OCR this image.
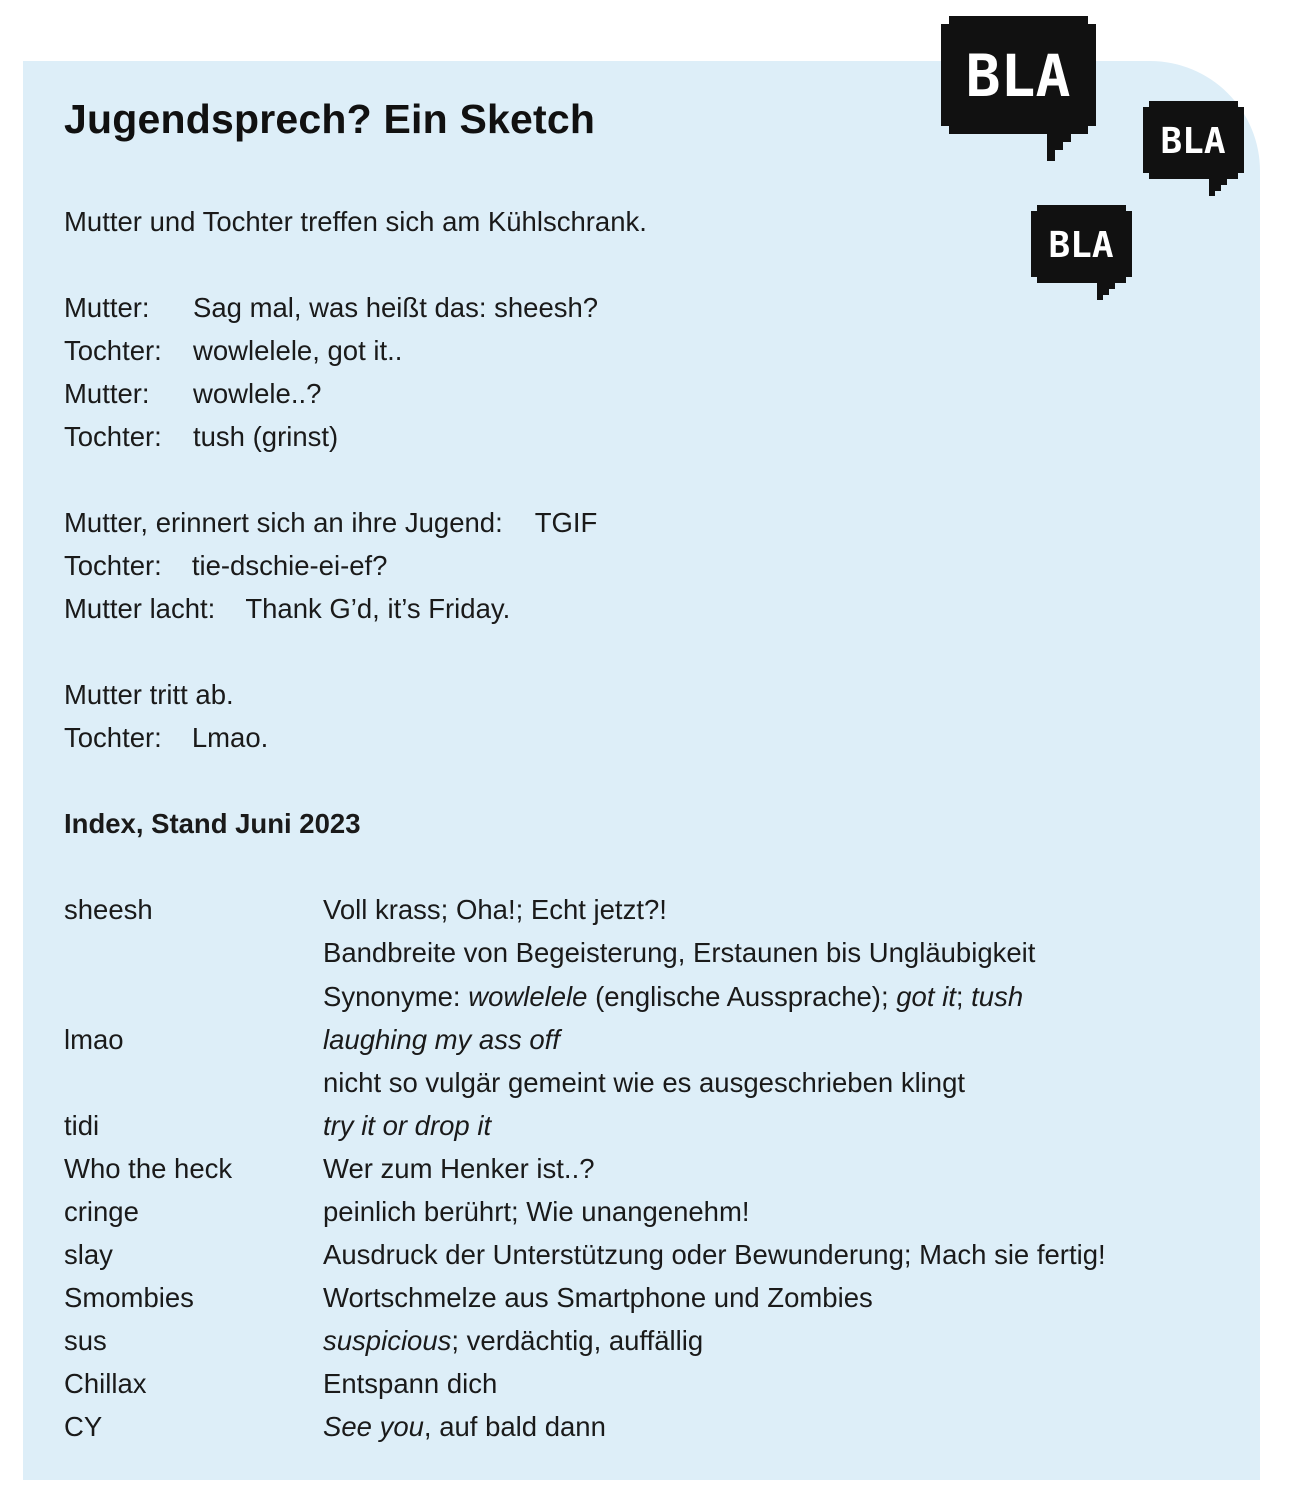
BLA
BLA
BLA
Jugendsprech? Ein Sketch
Mutter und Tochter treffen sich am Kühlschrank.
Mutter: Sag mal, was heißt das: sheesh?
Tochter: wowlelele, got it..
Mutter: wowlele..?
Tochter: tush (grinst)
Mutter, erinnert sich an ihre Jugend: TGIF
Tochter: tie-dschie-ei-ef?
Mutter lacht: Thank G’d, it’s Friday.
Mutter tritt ab.
Tochter: Lmao.
Index, Stand Juni 2023
sheesh	Voll krass; Oha!; Echt jetzt?!
Bandbreite von Begeisterung, Erstaunen bis Ungläubigkeit
Synonyme: wowlelele (englische Aussprache); got it; tush
lmao	laughing my ass off
nicht so vulgär gemeint wie es ausgeschrieben klingt
tidi	try it or drop it
Who the heck	Wer zum Henker ist..?
cringe	peinlich berührt; Wie unangenehm!
slay	Ausdruck der Unterstützung oder Bewunderung; Mach sie fertig!
Smombies	Wortschmelze aus Smartphone und Zombies
sus	suspicious; verdächtig, auffällig
Chillax	Entspann dich
CY	See you, auf bald dann
